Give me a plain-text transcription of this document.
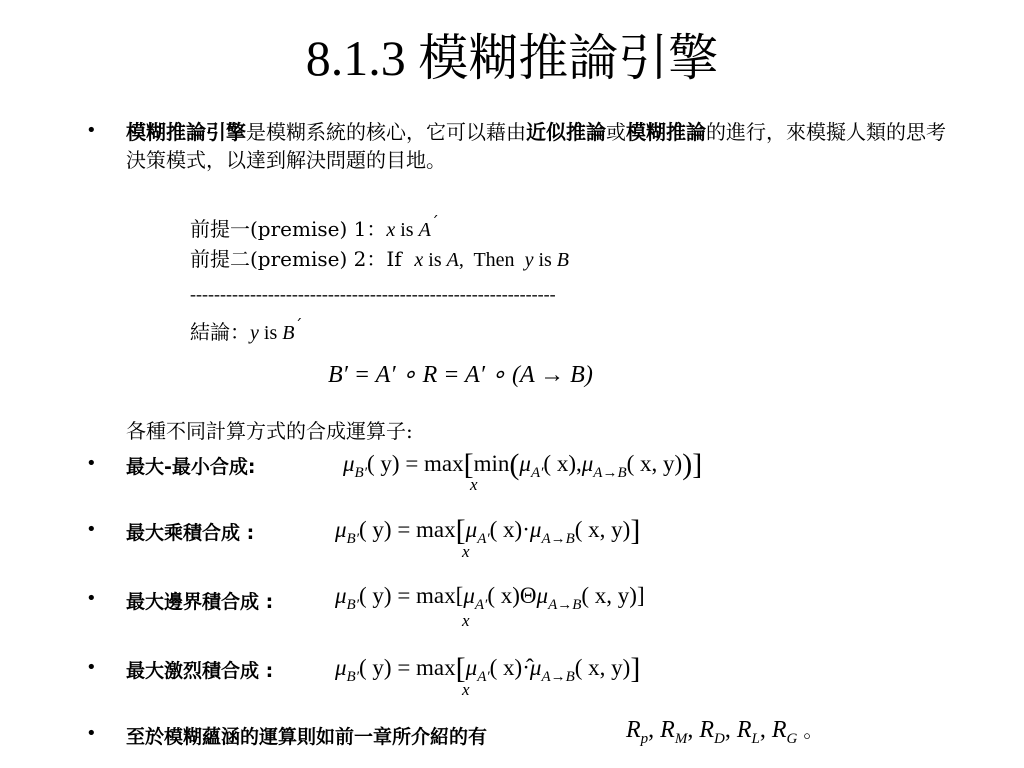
8.1.3 模糊推論引擎
• 模糊推論引擎是模糊系統的核心，它可以藉由近似推論或模糊推論的進行，來模擬人類的思考決策模式，以達到解決問題的目地。
前提一(premise) 1：x is A´
前提二(premise) 2：If  x is A,  Then  y is B
-------------------------------------------------------------
結論：y is B´
B′ = A′ ∘ R = A′ ∘ (A → B)
各種不同計算方式的合成運算子:
• 最大-最小合成:	$\mu_{B'}$( $y) = \max[\min(\mu_{A'}$( $x),\mu_{A\to B}$( x, y))]
x
• 最大乘積合成 :	$\mu_{B'}$( $y) = \max[\mu_{A'}$( $x)\cdot\mu_{A\to B}$( x, y)]
x
• 最大邊界積合成 :	$\mu_{B'}$( $y) = \max[\mu_{A'}$( $x)\Theta\mu_{A\to B}$( x, y)]
x
• 最大激烈積合成 :	$\mu_{B'}$( $y) = \max[\mu_{A'}$( $x)\cdot̂\mu_{A\to B}$( x, y)]
x
• 至於模糊蘊涵的運算則如前一章所介紹的有	$R_p$, $R_M$, $R_D$, $R_L$, $R_G$ 。
